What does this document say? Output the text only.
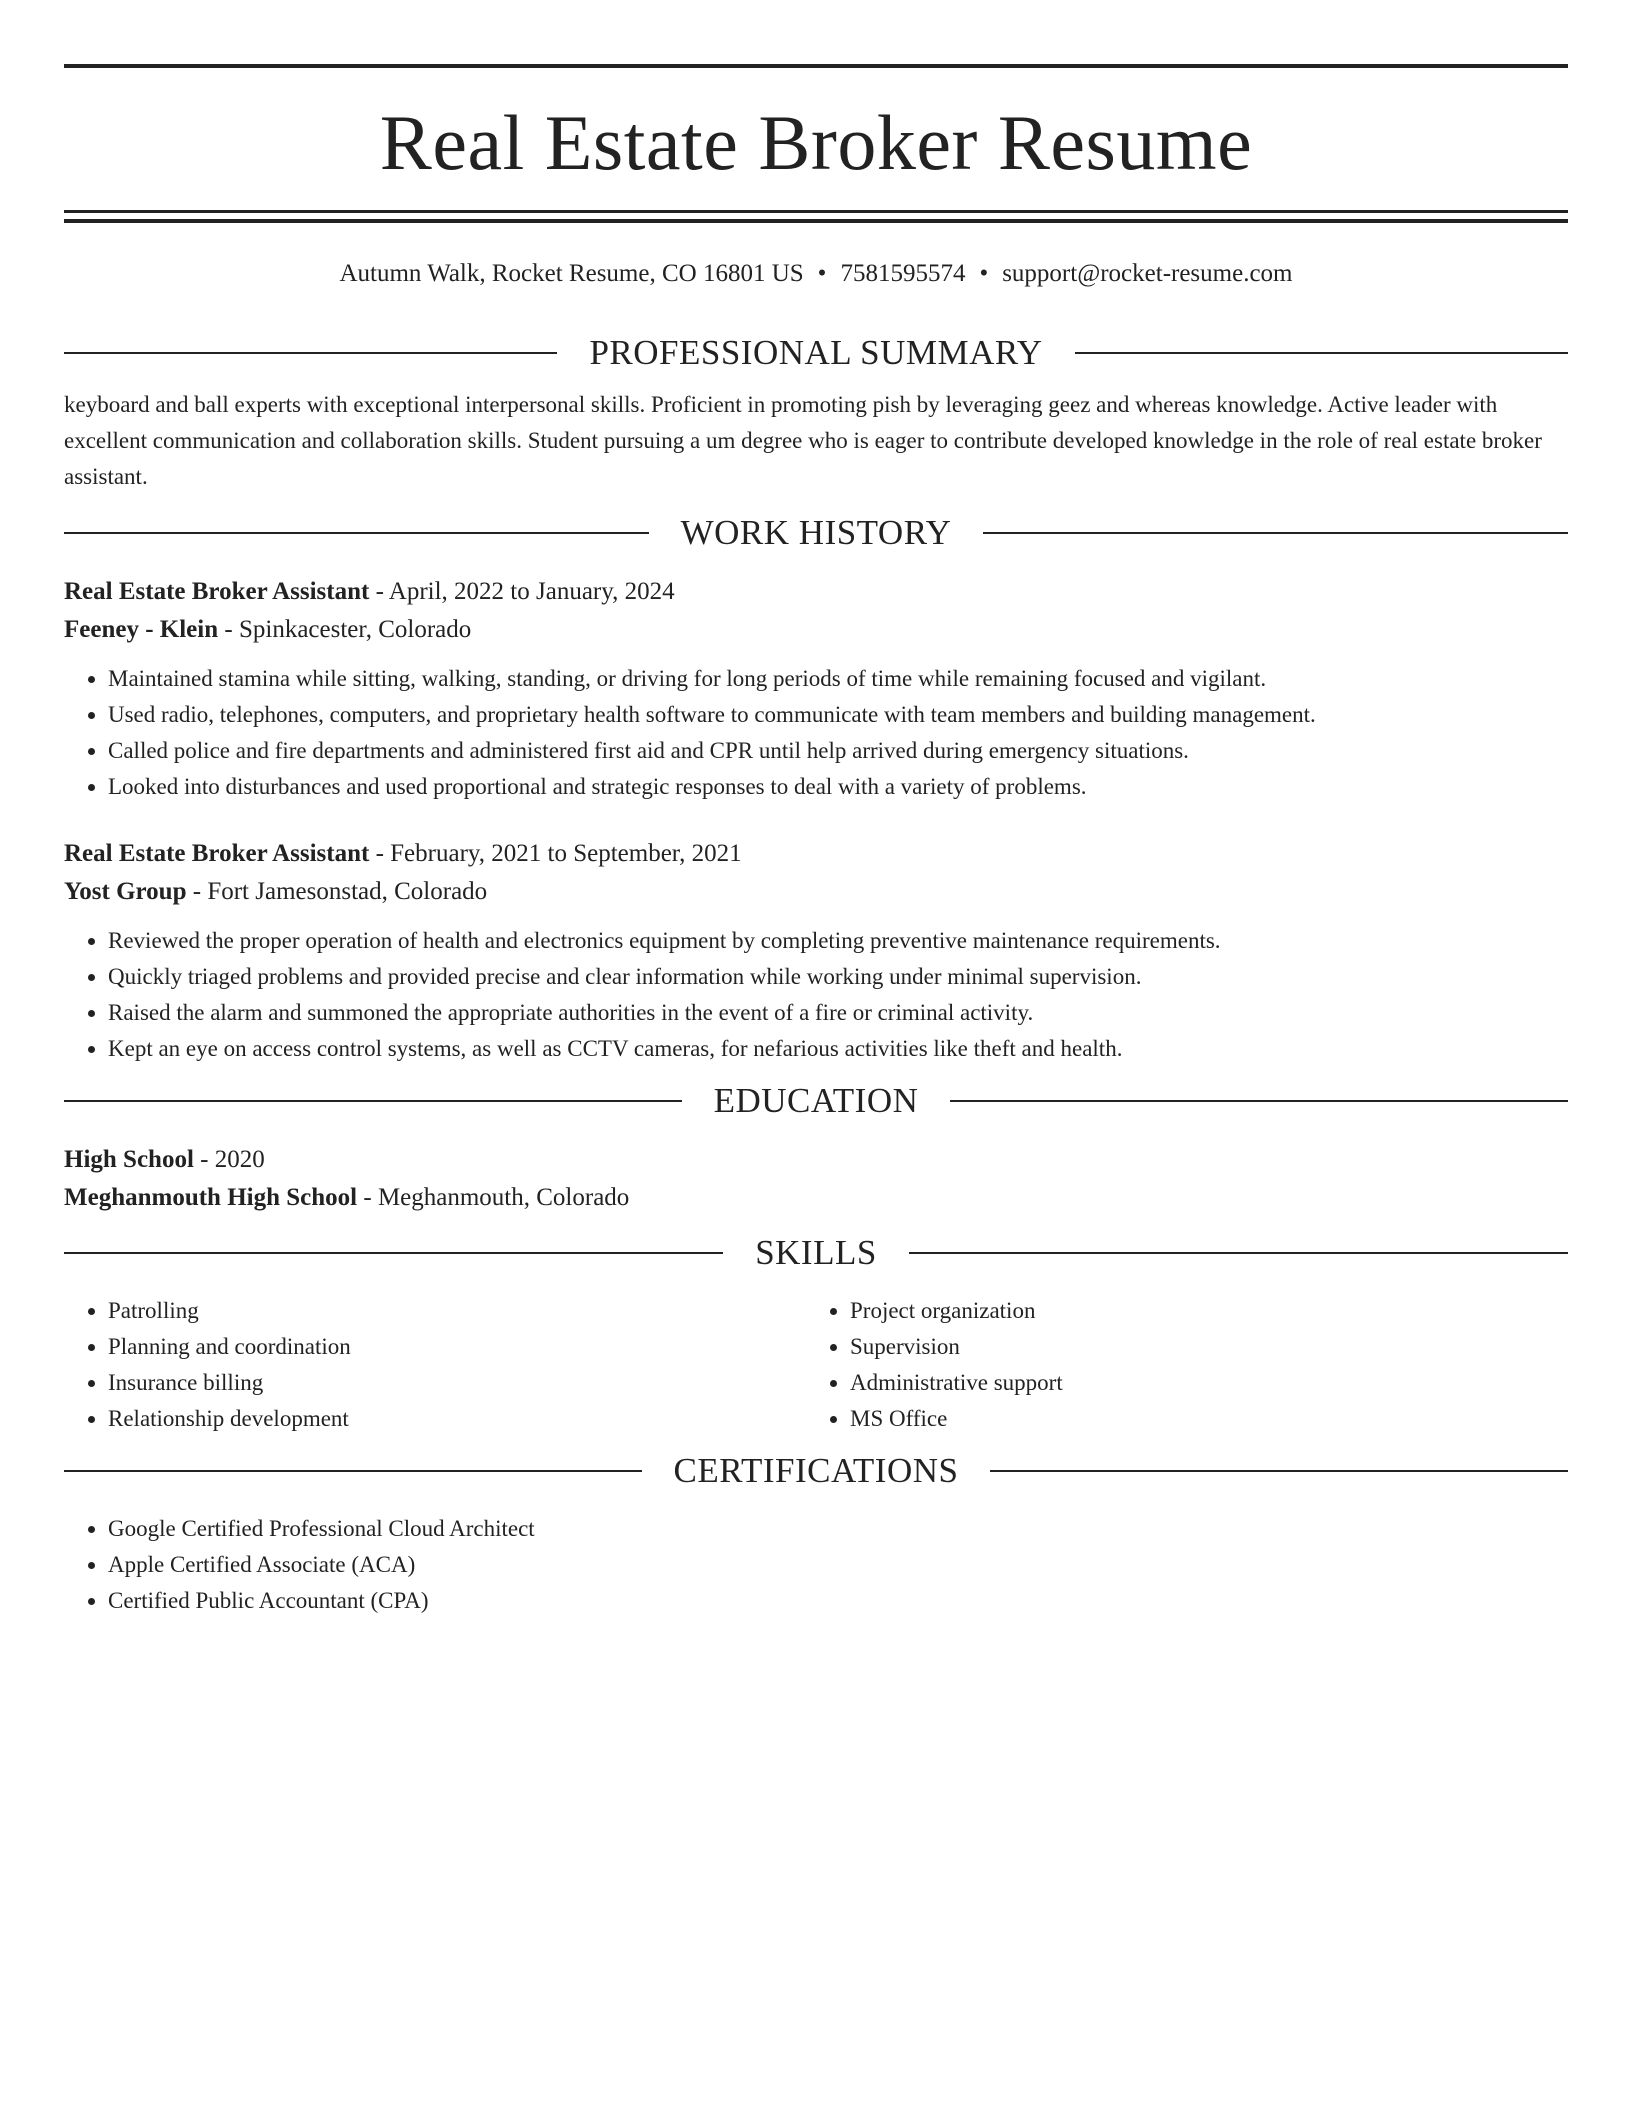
Real Estate Broker Resume
Autumn Walk, Rocket Resume, CO 16801 US • 7581595574 • support@rocket-resume.com
PROFESSIONAL SUMMARY

keyboard and ball experts with exceptional interpersonal skills. Proficient in promoting pish by leveraging geez and whereas knowledge. Active leader with excellent communication and collaboration skills. Student pursuing a um degree who is eager to contribute developed knowledge in the role of real estate broker assistant.

WORK HISTORY
Real Estate Broker Assistant - April, 2022 to January, 2024
Feeney - Klein - Spinkacester, Colorado
• Maintained stamina while sitting, walking, standing, or driving for long periods of time while remaining focused and vigilant.
• Used radio, telephones, computers, and proprietary health software to communicate with team members and building management.
• Called police and fire departments and administered first aid and CPR until help arrived during emergency situations.
• Looked into disturbances and used proportional and strategic responses to deal with a variety of problems.
Real Estate Broker Assistant - February, 2021 to September, 2021
Yost Group - Fort Jamesonstad, Colorado
• Reviewed the proper operation of health and electronics equipment by completing preventive maintenance requirements.
• Quickly triaged problems and provided precise and clear information while working under minimal supervision.
• Raised the alarm and summoned the appropriate authorities in the event of a fire or criminal activity.
• Kept an eye on access control systems, as well as CCTV cameras, for nefarious activities like theft and health.
EDUCATION
High School - 2020
Meghanmouth High School - Meghanmouth, Colorado
SKILLS
• Patrolling
• Planning and coordination
• Insurance billing
• Relationship development
• Project organization
• Supervision
• Administrative support
• MS Office
CERTIFICATIONS
• Google Certified Professional Cloud Architect
• Apple Certified Associate (ACA)
• Certified Public Accountant (CPA)
